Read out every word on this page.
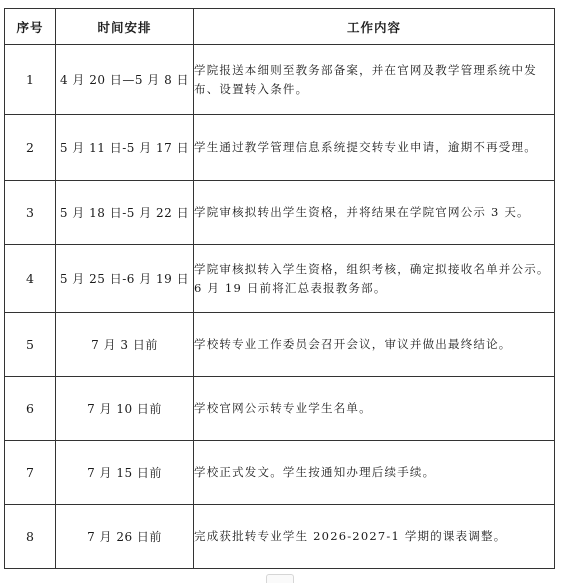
序号	时间安排	工作内容
1	4 月 20 日—5 月 8 日	学院报送本细则至教务部备案，并在官网及教学管理系统中发布、设置转入条件。
2	5 月 11 日-5 月 17 日	学生通过教学管理信息系统提交转专业申请，逾期不再受理。
3	5 月 18 日-5 月 22 日	学院审核拟转出学生资格，并将结果在学院官网公示 3 天。
4	5 月 25 日-6 月 19 日	学院审核拟转入学生资格，组织考核，确定拟接收名单并公示。6 月 19 日前将汇总表报教务部。
5	7 月 3 日前	学校转专业工作委员会召开会议，审议并做出最终结论。
6	7 月 10 日前	学校官网公示转专业学生名单。
7	7 月 15 日前	学校正式发文。学生按通知办理后续手续。
8	7 月 26 日前	完成获批转专业学生 2026-2027-1 学期的课表调整。
